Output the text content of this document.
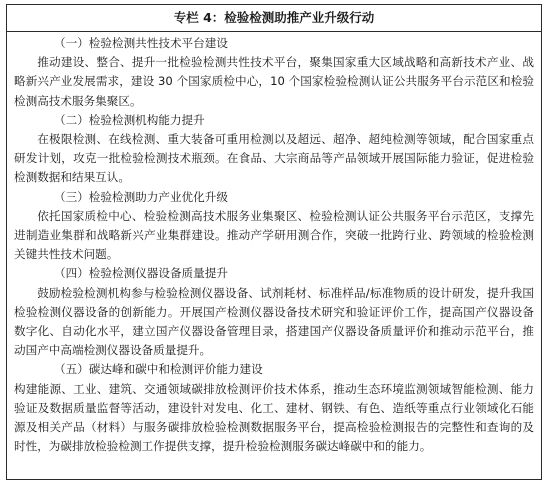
专栏 4：检验检测助推产业升级行动

（一）检验检测共性技术平台建设

推动建设、整合、提升一批检验检测共性技术平台，聚集国家重大区域战略和高新技术产业、战略新兴产业发展需求，建设 30 个国家质检中心，10 个国家检验检测认证公共服务平台示范区和检验检测高技术服务集聚区。

（二）检验检测机构能力提升

在极限检测、在线检测、重大装备可重用检测以及超远、超净、超纯检测等领域，配合国家重点研发计划，攻克一批检验检测技术瓶颈。在食品、大宗商品等产品领域开展国际能力验证，促进检验检测数据和结果互认。

（三）检验检测助力产业优化升级

依托国家质检中心、检验检测高技术服务业集聚区、检验检测认证公共服务平台示范区，支撑先进制造业集群和战略新兴产业集群建设。推动产学研用测合作，突破一批跨行业、跨领域的检验检测关键共性技术问题。

（四）检验检测仪器设备质量提升

鼓励检验检测机构参与检验检测仪器设备、试剂耗材、标准样品/标准物质的设计研发，提升我国检验检测仪器设备的创新能力。开展国产检测仪器设备技术研究和验证评价工作，提高国产仪器设备数字化、自动化水平，建立国产仪器设备管理目录，搭建国产仪器设备质量评价和推动示范平台，推动国产中高端检测仪器设备质量提升。

（五）碳达峰和碳中和检测评价能力建设

构建能源、工业、建筑、交通领域碳排放检测评价技术体系，推动生态环境监测领域智能检测、能力验证及数据质量监督等活动，建设针对发电、化工、建材、钢铁、有色、造纸等重点行业领域化石能源及相关产品（材料）与服务碳排放检验检测数据服务平台，提高检验检测报告的完整性和查询的及时性，为碳排放检验检测工作提供支撑，提升检验检测服务碳达峰碳中和的能力。
